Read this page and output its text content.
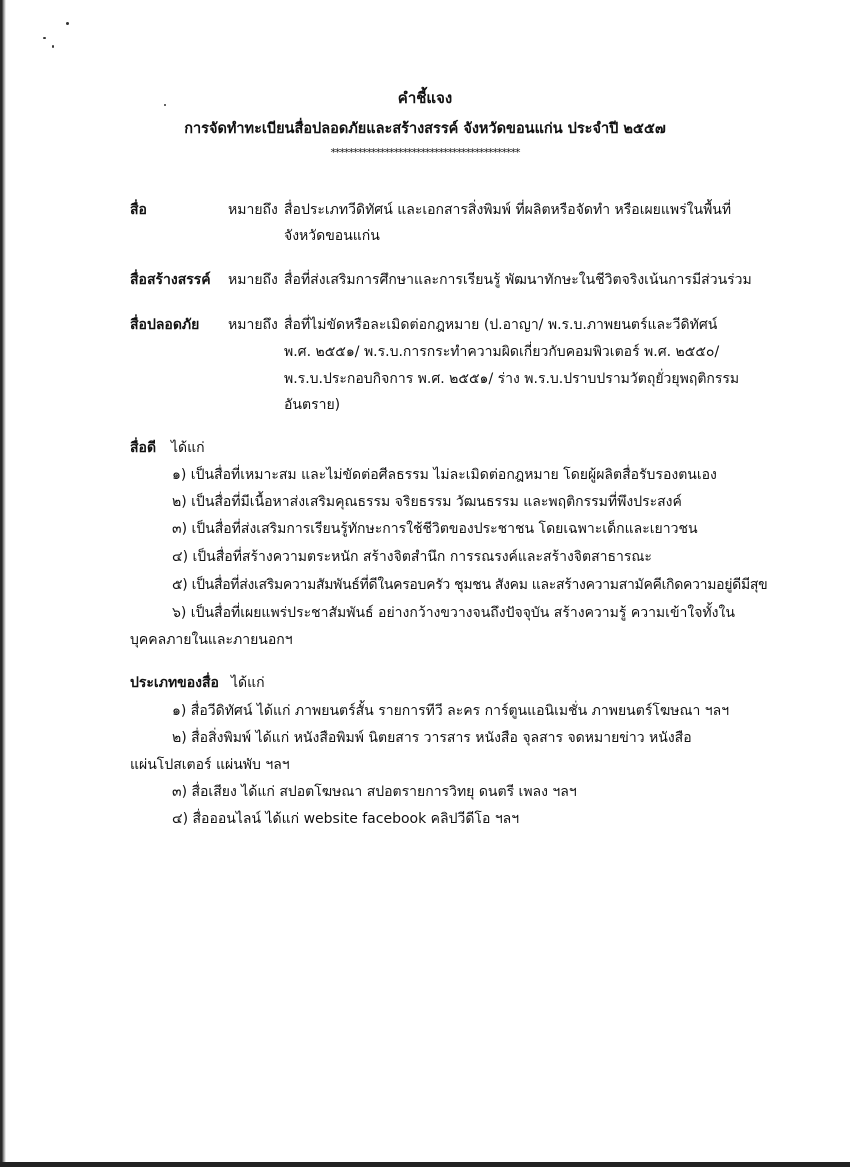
คำชี้แจง
การจัดทำทะเบียนสื่อปลอดภัยและสร้างสรรค์ จังหวัดขอนแก่น ประจำปี ๒๕๕๗
******************************************
สื่อ	หมายถึง สื่อประเภทวีดิทัศน์ และเอกสารสิ่งพิมพ์ ที่ผลิตหรือจัดทำ หรือเผยแพร่ในพื้นที่
จังหวัดขอนแก่น
สื่อสร้างสรรค์ หมายถึง สื่อที่ส่งเสริมการศึกษาและการเรียนรู้ พัฒนาทักษะในชีวิตจริงเน้นการมีส่วนร่วม
สื่อปลอดภัย หมายถึง สื่อที่ไม่ขัดหรือละเมิดต่อกฎหมาย (ป.อาญา/ พ.ร.บ.ภาพยนตร์และวีดิทัศน์
พ.ศ. ๒๕๕๑/ พ.ร.บ.การกระทำความผิดเกี่ยวกับคอมพิวเตอร์ พ.ศ. ๒๕๕๐/
พ.ร.บ.ประกอบกิจการ พ.ศ. ๒๕๕๑/ ร่าง พ.ร.บ.ปราบปรามวัตถุยั่วยุพฤติกรรม
อันตราย)
สื่อดี ได้แก่
๑) เป็นสื่อที่เหมาะสม และไม่ขัดต่อศีลธรรม ไม่ละเมิดต่อกฎหมาย โดยผู้ผลิตสื่อรับรองตนเอง
๒) เป็นสื่อที่มีเนื้อหาส่งเสริมคุณธรรม จริยธรรม วัฒนธรรม และพฤติกรรมที่พึงประสงค์
๓) เป็นสื่อที่ส่งเสริมการเรียนรู้ทักษะการใช้ชีวิตของประชาชน โดยเฉพาะเด็กและเยาวชน
๔) เป็นสื่อที่สร้างความตระหนัก สร้างจิตสำนึก การรณรงค์และสร้างจิตสาธารณะ
๕) เป็นสื่อที่ส่งเสริมความสัมพันธ์ที่ดีในครอบครัว ชุมชน สังคม และสร้างความสามัคคีเกิดความอยู่ดีมีสุข
๖) เป็นสื่อที่เผยแพร่ประชาสัมพันธ์ อย่างกว้างขวางจนถึงปัจจุบัน สร้างความรู้ ความเข้าใจทั้งใน
บุคคลภายในและภายนอกฯ
ประเภทของสื่อ ได้แก่
๑) สื่อวีดิทัศน์ ได้แก่ ภาพยนตร์สั้น รายการทีวี ละคร การ์ตูนแอนิเมชั่น ภาพยนตร์โฆษณา ฯลฯ
๒) สื่อสิ่งพิมพ์ ได้แก่ หนังสือพิมพ์ นิตยสาร วารสาร หนังสือ จุลสาร จดหมายข่าว หนังสือ
แผ่นโปสเตอร์ แผ่นพับ ฯลฯ
๓) สื่อเสียง ได้แก่ สปอตโฆษณา สปอตรายการวิทยุ ดนตรี เพลง ฯลฯ
๔) สื่อออนไลน์ ได้แก่ website facebook คลิปวีดีโอ ฯลฯ
